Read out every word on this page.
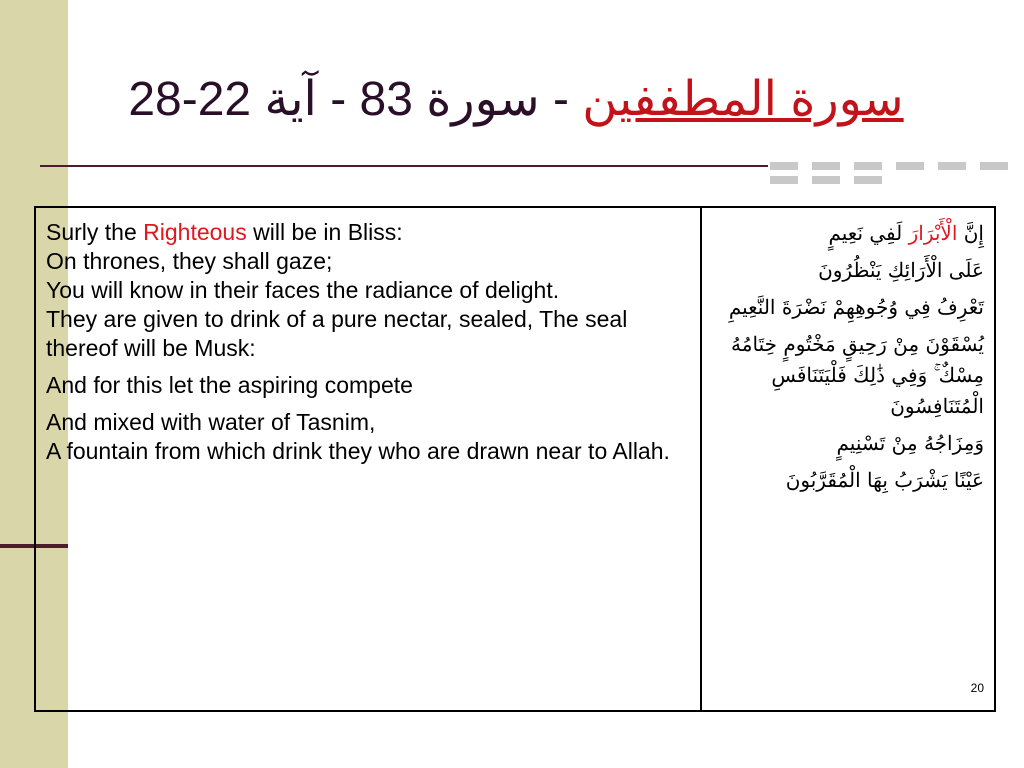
سورة المطففين - سورة 83 - آية 22-28

Surly the Righteous will be in Bliss:

On thrones, they shall gaze;

You will know in their faces the radiance of delight.

They are given to drink of a pure nectar, sealed, The seal thereof will be Musk:

And for this let the aspiring compete

And mixed with water of Tasnim,

A fountain from which drink they who are drawn near to Allah.

إِنَّ الْأَبْرَارَ لَفِي نَعِيمٍ

عَلَى الْأَرَائِكِ يَنْظُرُونَ

تَعْرِفُ فِي وُجُوهِهِمْ نَضْرَةَ النَّعِيمِ

يُسْقَوْنَ مِنْ رَحِيقٍ مَخْتُومٍ خِتَامُهُ مِسْكٌ ۚ وَفِي ذَٰلِكَ فَلْيَتَنَافَسِ الْمُتَنَافِسُونَ

وَمِزَاجُهُ مِنْ تَسْنِيمٍ

عَيْنًا يَشْرَبُ بِهَا الْمُقَرَّبُونَ

20
